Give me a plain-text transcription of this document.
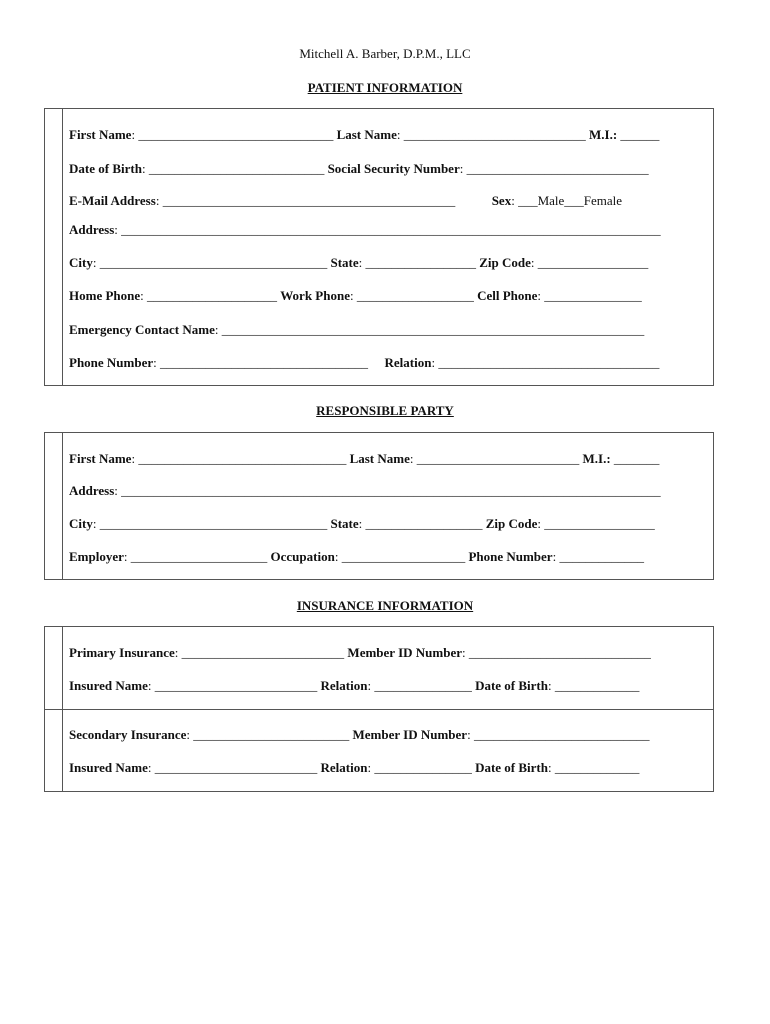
Mitchell A. Barber, D.P.M., LLC
PATIENT INFORMATION
First Name: ______________________________ Last Name: ____________________________ M.I.: ______
Date of Birth: ___________________________ Social Security Number: ____________________________
E-Mail Address: _____________________________________________	Sex: ___Male___Female
Address: ___________________________________________________________________________________
City: ___________________________________ State: _________________ Zip Code: _________________
Home Phone: ____________________ Work Phone: __________________ Cell Phone: _______________
Emergency Contact Name: _________________________________________________________________
Phone Number: ________________________________ Relation: __________________________________
RESPONSIBLE PARTY
First Name: ________________________________ Last Name: _________________________ M.I.: _______
Address: ___________________________________________________________________________________
City: ___________________________________ State: __________________ Zip Code: _________________
Employer: _____________________ Occupation: ___________________ Phone Number: _____________
INSURANCE INFORMATION
Primary Insurance: _________________________ Member ID Number: ____________________________
Insured Name: _________________________ Relation: _______________ Date of Birth: _____________
Secondary Insurance: ________________________ Member ID Number: ___________________________
Insured Name: _________________________ Relation: _______________ Date of Birth: _____________
